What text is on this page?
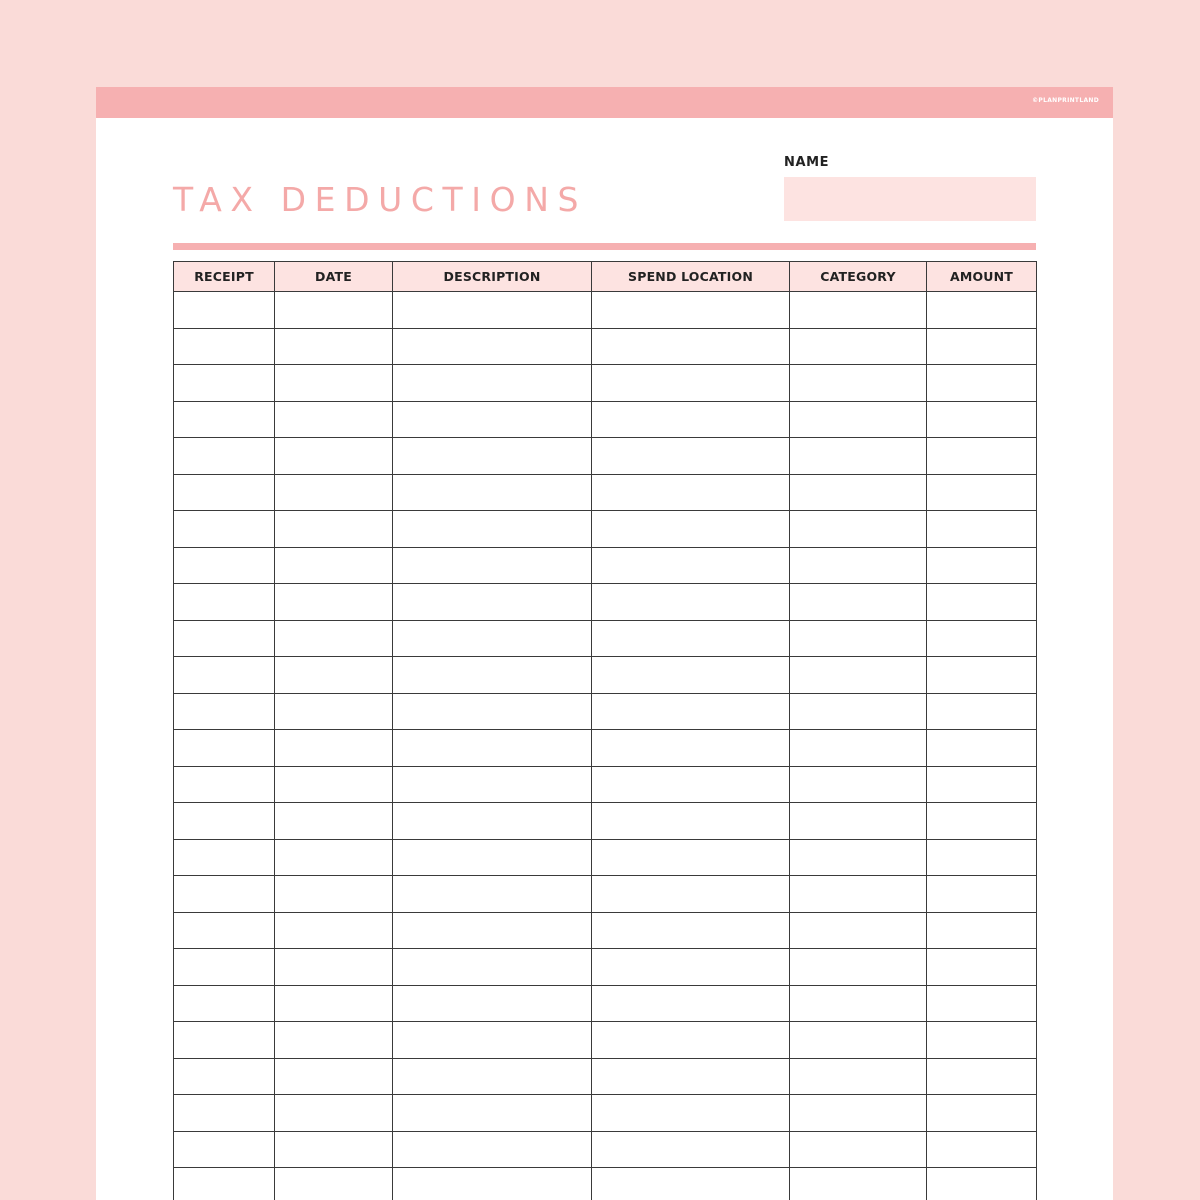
©PLANPRINTLAND
TAX DEDUCTIONS
NAME
RECEIPT	DATE	DESCRIPTION	SPEND LOCATION	CATEGORY	AMOUNT
